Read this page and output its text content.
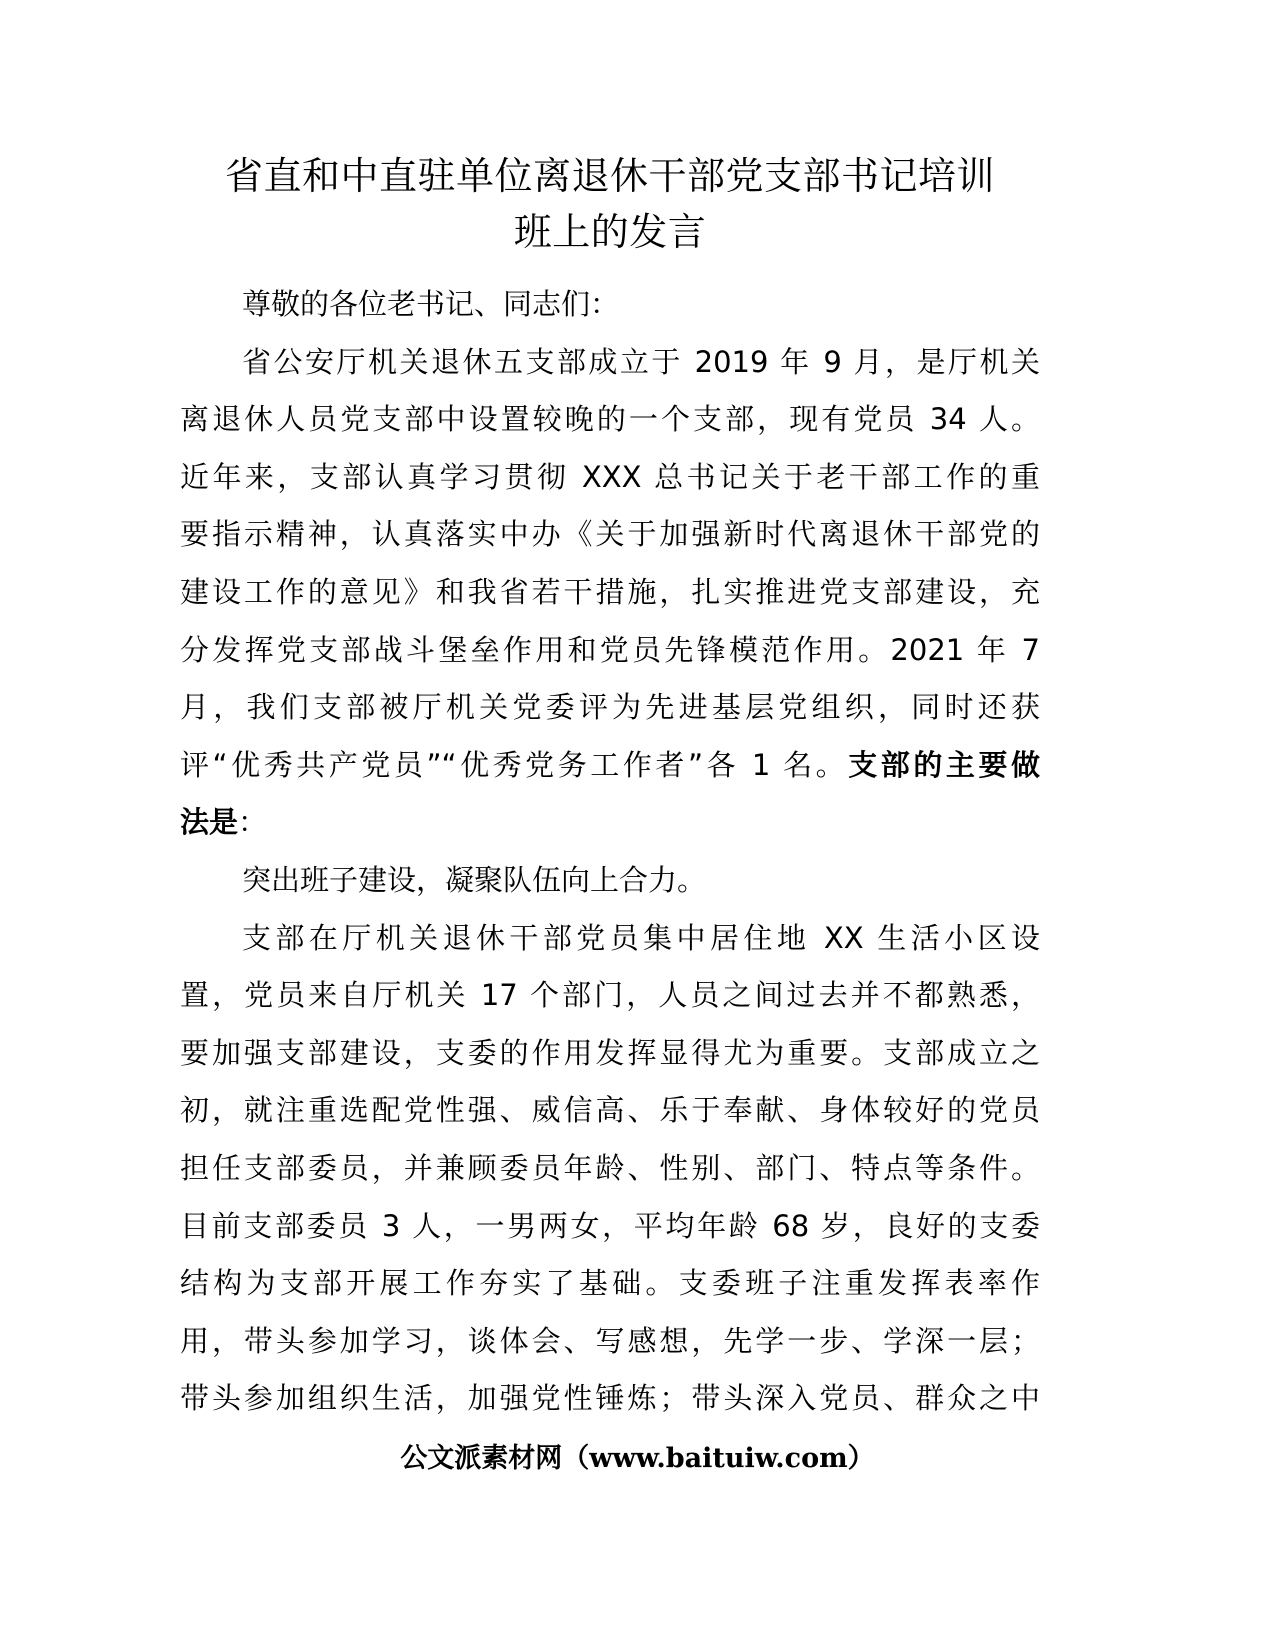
省直和中直驻单位离退休干部党支部书记培训
班上的发言
尊敬的各位老书记、同志们：
省公安厅机关退休五支部成立于 2019 年 9 月，是厅机关
离退休人员党支部中设置较晚的一个支部，现有党员 34 人。
近年来，支部认真学习贯彻 XXX 总书记关于老干部工作的重
要指示精神，认真落实中办《关于加强新时代离退休干部党的
建设工作的意见》和我省若干措施，扎实推进党支部建设，充
分发挥党支部战斗堡垒作用和党员先锋模范作用。2021 年 7
月，我们支部被厅机关党委评为先进基层党组织，同时还获
评“优秀共产党员”“优秀党务工作者”各 1 名。支部的主要做
法是：
突出班子建设，凝聚队伍向上合力。
支部在厅机关退休干部党员集中居住地 XX 生活小区设
置，党员来自厅机关 17 个部门，人员之间过去并不都熟悉，
要加强支部建设，支委的作用发挥显得尤为重要。支部成立之
初，就注重选配党性强、威信高、乐于奉献、身体较好的党员
担任支部委员，并兼顾委员年龄、性别、部门、特点等条件。
目前支部委员 3 人，一男两女，平均年龄 68 岁，良好的支委
结构为支部开展工作夯实了基础。支委班子注重发挥表率作
用，带头参加学习，谈体会、写感想，先学一步、学深一层；
带头参加组织生活，加强党性锤炼；带头深入党员、群众之中
公文派素材网（www.baituiw.com）
